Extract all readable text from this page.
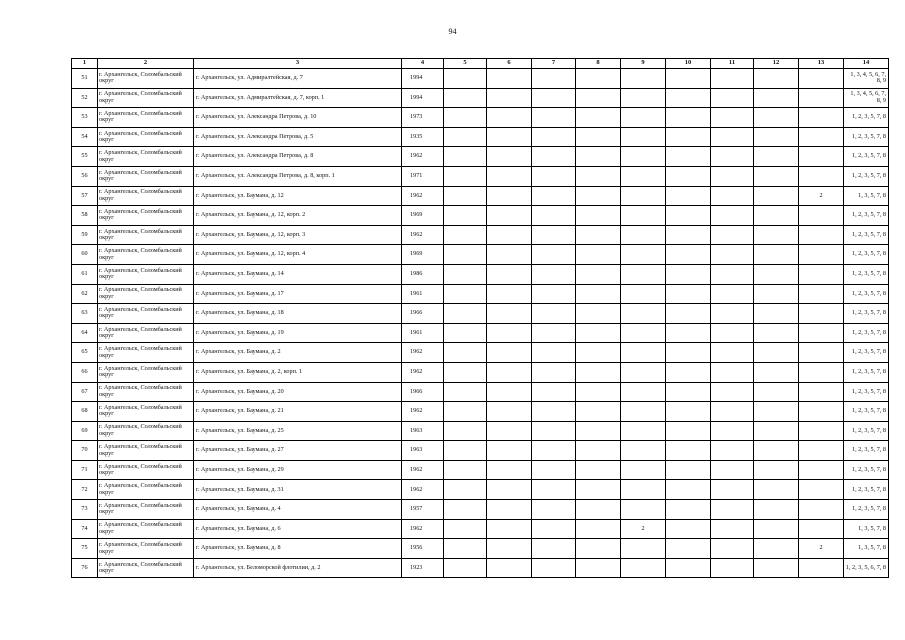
94
1	2	3	4	5	6	7	8	9	10	11	12	13	14
51	г. Архангельск, Соломбальский округ	г. Архангельск, ул. Адмиралтейская, д. 7	1994										1, 3, 4, 5, 6, 7, 8, 9
52	г. Архангельск, Соломбальский округ	г. Архангельск, ул. Адмиралтейская, д. 7, корп. 1	1994										1, 3, 4, 5, 6, 7, 8, 9
53	г. Архангельск, Соломбальский округ	г. Архангельск, ул. Александра Петрова, д. 10	1973										1, 2, 3, 5, 7, 8
54	г. Архангельск, Соломбальский округ	г. Архангельск, ул. Александра Петрова, д. 5	1935										1, 2, 3, 5, 7, 8
55	г. Архангельск, Соломбальский округ	г. Архангельск, ул. Александра Петрова, д. 8	1962										1, 2, 3, 5, 7, 8
56	г. Архангельск, Соломбальский округ	г. Архангельск, ул. Александра Петрова, д. 8, корп. 1	1971										1, 2, 3, 5, 7, 8
57	г. Архангельск, Соломбальский округ	г. Архангельск, ул. Баумана, д. 12	1962									2	1, 3, 5, 7, 8
58	г. Архангельск, Соломбальский округ	г. Архангельск, ул. Баумана, д. 12, корп. 2	1969										1, 2, 3, 5, 7, 8
59	г. Архангельск, Соломбальский округ	г. Архангельск, ул. Баумана, д. 12, корп. 3	1962										1, 2, 3, 5, 7, 8
60	г. Архангельск, Соломбальский округ	г. Архангельск, ул. Баумана, д. 12, корп. 4	1969										1, 2, 3, 5, 7, 8
61	г. Архангельск, Соломбальский округ	г. Архангельск, ул. Баумана, д. 14	1986										1, 2, 3, 5, 7, 8
62	г. Архангельск, Соломбальский округ	г. Архангельск, ул. Баумана, д. 17	1961										1, 2, 3, 5, 7, 8
63	г. Архангельск, Соломбальский округ	г. Архангельск, ул. Баумана, д. 18	1966										1, 2, 3, 5, 7, 8
64	г. Архангельск, Соломбальский округ	г. Архангельск, ул. Баумана, д. 19	1961										1, 2, 3, 5, 7, 8
65	г. Архангельск, Соломбальский округ	г. Архангельск, ул. Баумана, д. 2	1962										1, 2, 3, 5, 7, 8
66	г. Архангельск, Соломбальский округ	г. Архангельск, ул. Баумана, д. 2, корп. 1	1962										1, 2, 3, 5, 7, 8
67	г. Архангельск, Соломбальский округ	г. Архангельск, ул. Баумана, д. 20	1966										1, 2, 3, 5, 7, 8
68	г. Архангельск, Соломбальский округ	г. Архангельск, ул. Баумана, д. 21	1962										1, 2, 3, 5, 7, 8
69	г. Архангельск, Соломбальский округ	г. Архангельск, ул. Баумана, д. 25	1963										1, 2, 3, 5, 7, 8
70	г. Архангельск, Соломбальский округ	г. Архангельск, ул. Баумана, д. 27	1963										1, 2, 3, 5, 7, 8
71	г. Архангельск, Соломбальский округ	г. Архангельск, ул. Баумана, д. 29	1962										1, 2, 3, 5, 7, 8
72	г. Архангельск, Соломбальский округ	г. Архангельск, ул. Баумана, д. 31	1962										1, 2, 3, 5, 7, 8
73	г. Архангельск, Соломбальский округ	г. Архангельск, ул. Баумана, д. 4	1957										1, 2, 3, 5, 7, 8
74	г. Архангельск, Соломбальский округ	г. Архангельск, ул. Баумана, д. 6	1962					2					1, 3, 5, 7, 8
75	г. Архангельск, Соломбальский округ	г. Архангельск, ул. Баумана, д. 8	1956									2	1, 3, 5, 7, 8
76	г. Архангельск, Соломбальский округ	г. Архангельск, ул. Беломорской флотилии, д. 2	1923										1, 2, 3, 5, 6, 7, 8
